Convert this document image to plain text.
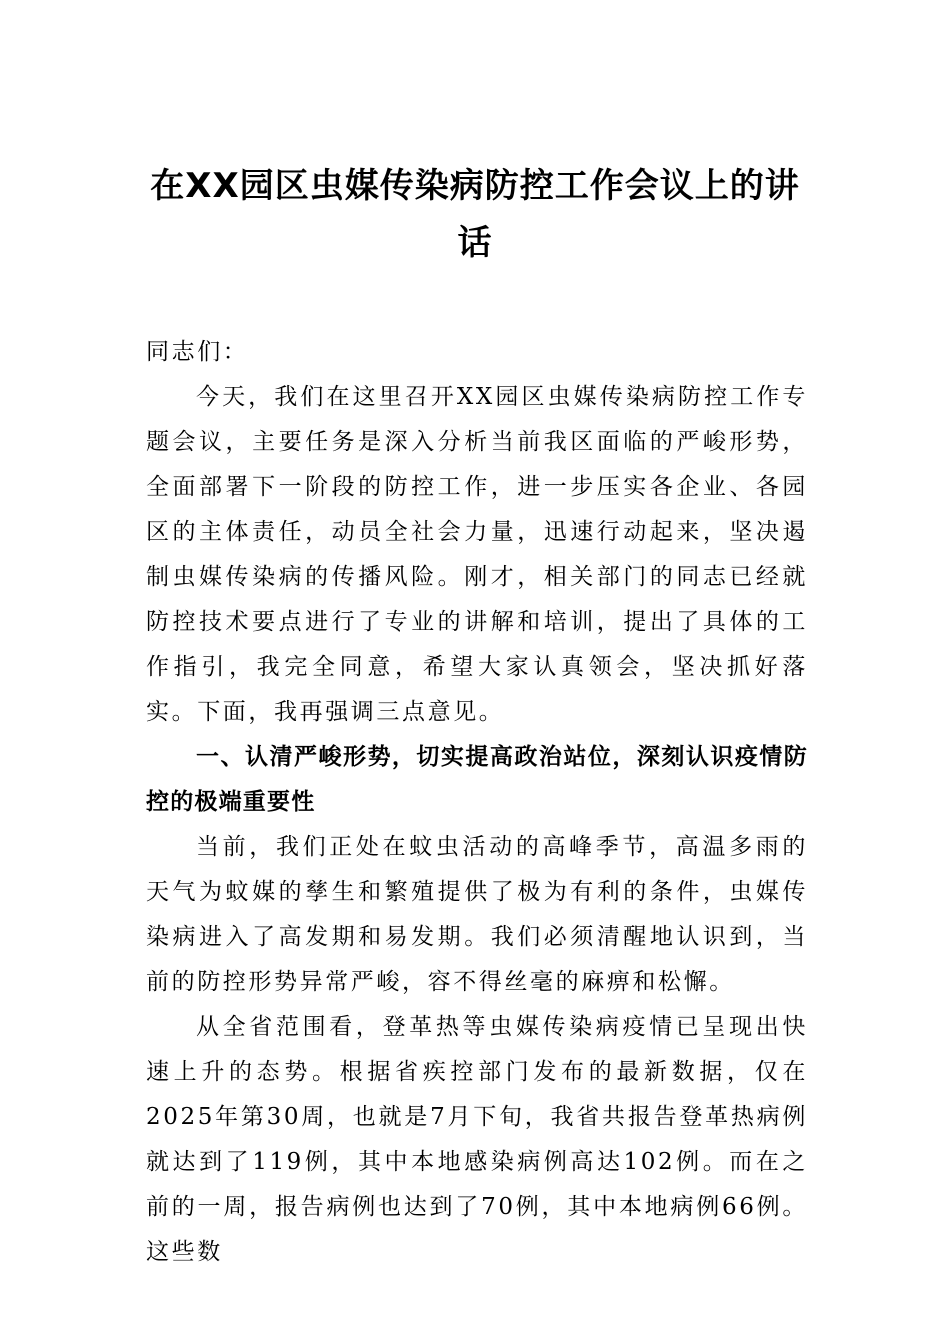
在XX园区虫媒传染病防控工作会议上的讲话

同志们：

今天，我们在这里召开XX园区虫媒传染病防控工作专题会议，主要任务是深入分析当前我区面临的严峻形势，全面部署下一阶段的防控工作，进一步压实各企业、各园区的主体责任，动员全社会力量，迅速行动起来，坚决遏制虫媒传染病的传播风险。刚才，相关部门的同志已经就防控技术要点进行了专业的讲解和培训，提出了具体的工作指引，我完全同意，希望大家认真领会，坚决抓好落实。下面，我再强调三点意见。

一、认清严峻形势，切实提高政治站位，深刻认识疫情防控的极端重要性

当前，我们正处在蚊虫活动的高峰季节，高温多雨的天气为蚊媒的孳生和繁殖提供了极为有利的条件，虫媒传染病进入了高发期和易发期。我们必须清醒地认识到，当前的防控形势异常严峻，容不得丝毫的麻痹和松懈。

从全省范围看，登革热等虫媒传染病疫情已呈现出快速上升的态势。根据省疾控部门发布的最新数据，仅在2025年第30周，也就是7月下旬，我省共报告登革热病例就达到了119例，其中本地感染病例高达102例。而在之前的一周，报告病例也达到了70例，其中本地病例66例。这些数
